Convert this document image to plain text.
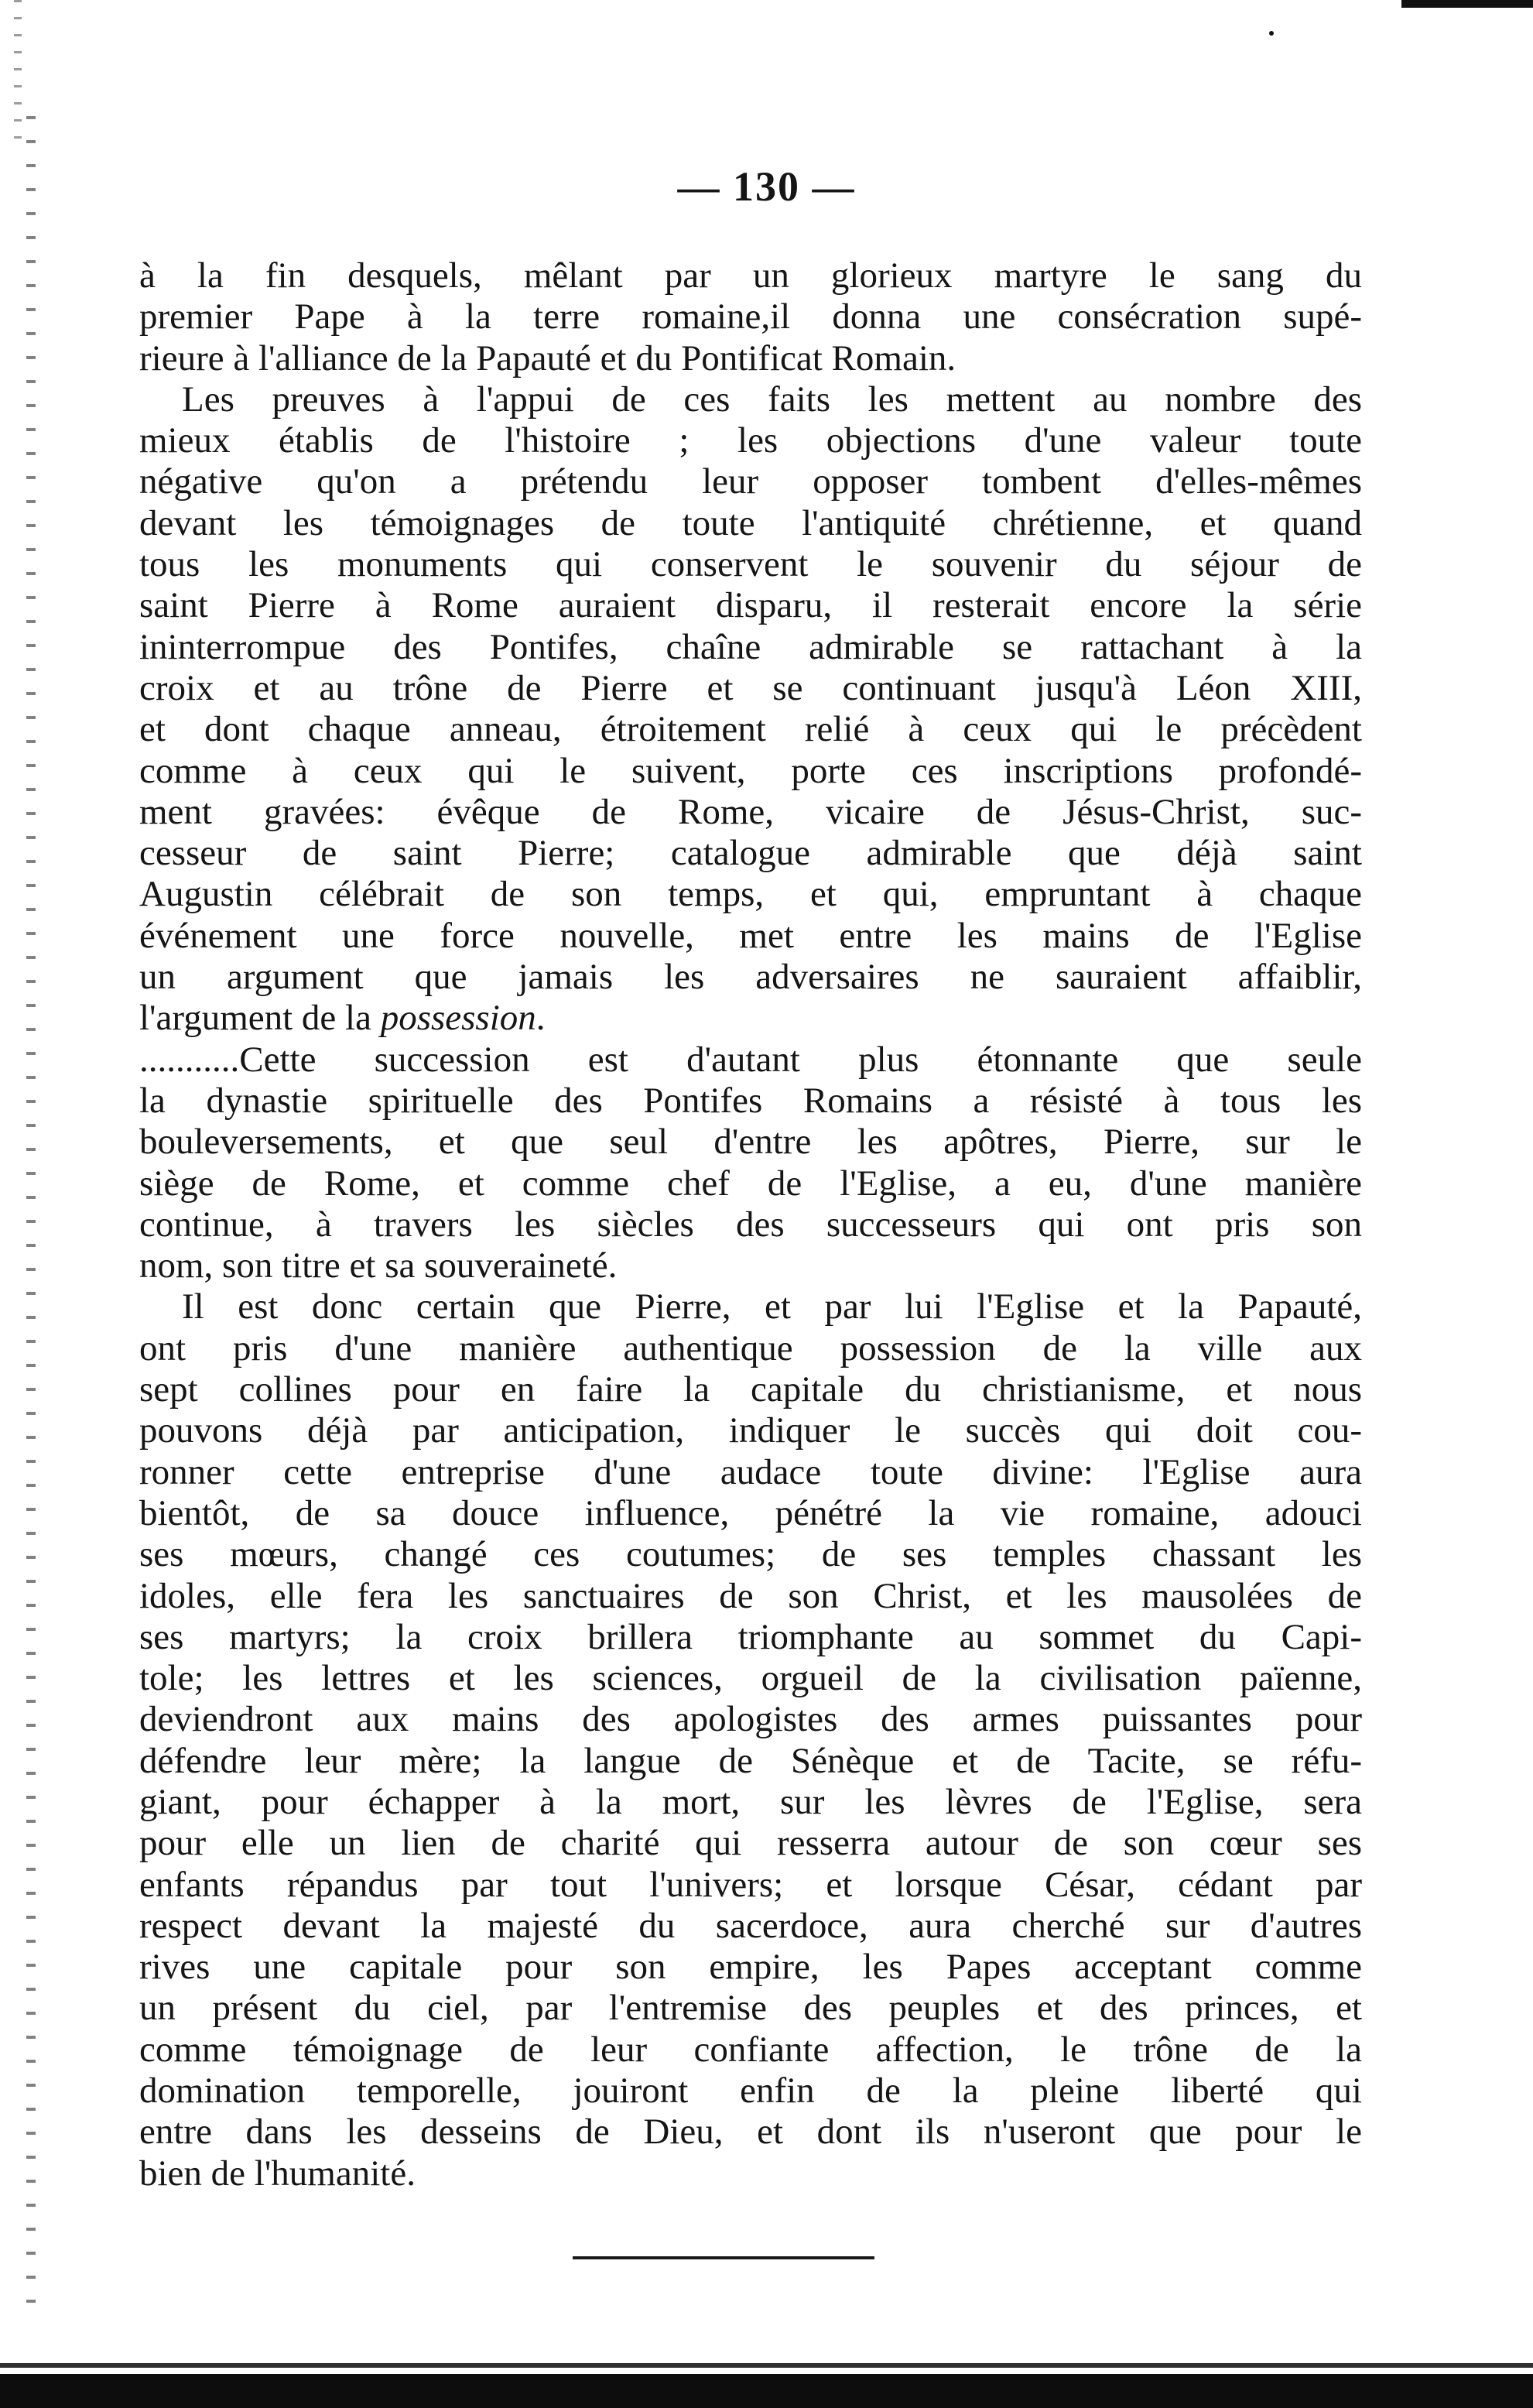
— 130 —
à la fin desquels, mêlant par un glorieux martyre le sang du
premier Pape à la terre romaine,il donna une consécration supé-
rieure à l'alliance de la Papauté et du Pontificat Romain.
Les preuves à l'appui de ces faits les mettent au nombre des
mieux établis de l'histoire ; les objections d'une valeur toute
négative qu'on a prétendu leur opposer tombent d'elles-mêmes
devant les témoignages de toute l'antiquité chrétienne, et quand
tous les monuments qui conservent le souvenir du séjour de
saint Pierre à Rome auraient disparu, il resterait encore la série
ininterrompue des Pontifes, chaîne admirable se rattachant à la
croix et au trône de Pierre et se continuant jusqu'à Léon XIII,
et dont chaque anneau, étroitement relié à ceux qui le précèdent
comme à ceux qui le suivent, porte ces inscriptions profondé-
ment gravées: évêque de Rome, vicaire de Jésus-Christ, suc-
cesseur de saint Pierre; catalogue admirable que déjà saint
Augustin célébrait de son temps, et qui, empruntant à chaque
événement une force nouvelle, met entre les mains de l'Eglise
un argument que jamais les adversaires ne sauraient affaiblir,
l'argument de la possession.
...........Cette succession est d'autant plus étonnante que seule
la dynastie spirituelle des Pontifes Romains a résisté à tous les
bouleversements, et que seul d'entre les apôtres, Pierre, sur le
siège de Rome, et comme chef de l'Eglise, a eu, d'une manière
continue, à travers les siècles des successeurs qui ont pris son
nom, son titre et sa souveraineté.
Il est donc certain que Pierre, et par lui l'Eglise et la Papauté,
ont pris d'une manière authentique possession de la ville aux
sept collines pour en faire la capitale du christianisme, et nous
pouvons déjà par anticipation, indiquer le succès qui doit cou-
ronner cette entreprise d'une audace toute divine: l'Eglise aura
bientôt, de sa douce influence, pénétré la vie romaine, adouci
ses mœurs, changé ces coutumes; de ses temples chassant les
idoles, elle fera les sanctuaires de son Christ, et les mausolées de
ses martyrs; la croix brillera triomphante au sommet du Capi-
tole; les lettres et les sciences, orgueil de la civilisation païenne,
deviendront aux mains des apologistes des armes puissantes pour
défendre leur mère; la langue de Sénèque et de Tacite, se réfu-
giant, pour échapper à la mort, sur les lèvres de l'Eglise, sera
pour elle un lien de charité qui resserra autour de son cœur ses
enfants répandus par tout l'univers; et lorsque César, cédant par
respect devant la majesté du sacerdoce, aura cherché sur d'autres
rives une capitale pour son empire, les Papes acceptant comme
un présent du ciel, par l'entremise des peuples et des princes, et
comme témoignage de leur confiante affection, le trône de la
domination temporelle, jouiront enfin de la pleine liberté qui
entre dans les desseins de Dieu, et dont ils n'useront que pour le
bien de l'humanité.
